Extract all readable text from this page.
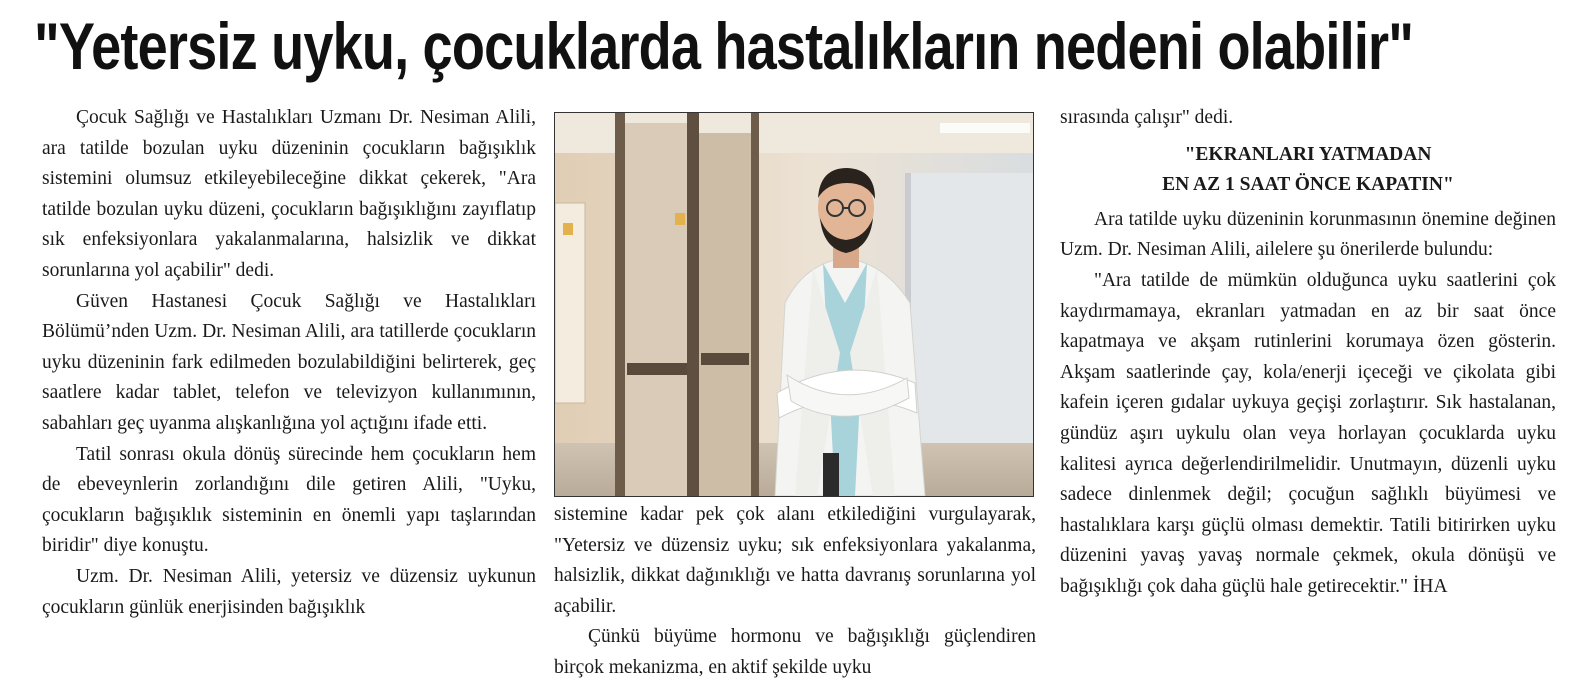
"Yetersiz uyku, çocuklarda hastalıkların nedeni olabilir"

Çocuk Sağlığı ve Hastalıkları Uzmanı Dr. Nesiman Alili, ara tatilde bozulan uyku düzeninin çocukların bağışıklık sistemini olumsuz etkileyebileceğine dikkat çekerek, "Ara tatilde bozulan uyku düzeni, çocukların bağışıklığını zayıflatıp sık enfeksiyonlara yakalanmalarına, halsizlik ve dikkat sorunlarına yol açabilir" dedi.

Güven Hastanesi Çocuk Sağlığı ve Hastalıkları Bölümü’nden Uzm. Dr. Nesiman Alili, ara tatillerde çocukların uyku düzeninin fark edilmeden bozulabildiğini belirterek, geç saatlere kadar tablet, telefon ve televizyon kullanımının, sabahları geç uyanma alışkanlığına yol açtığını ifade etti.

Tatil sonrası okula dönüş sürecinde hem çocukların hem de ebeveynlerin zorlandığını dile getiren Alili, "Uyku, çocukların bağışıklık sisteminin en önemli yapı taşlarından biridir" diye konuştu.

Uzm. Dr. Nesiman Alili, yetersiz ve düzensiz uykunun çocukların günlük enerjisinden bağışıklık

sistemine kadar pek çok alanı etkilediğini vurgulayarak, "Yetersiz ve düzensiz uyku; sık enfeksiyonlara yakalanma, halsizlik, dikkat dağınıklığı ve hatta davranış sorunlarına yol açabilir.

Çünkü büyüme hormonu ve bağışıklığı güçlendiren birçok mekanizma, en aktif şekilde uyku

sırasında çalışır" dedi.

"EKRANLARI YATMADAN
EN AZ 1 SAAT ÖNCE KAPATIN"

Ara tatilde uyku düzeninin korunmasının önemine değinen Uzm. Dr. Nesiman Alili, ailelere şu önerilerde bulundu:

"Ara tatilde de mümkün olduğunca uyku saatlerini çok kaydırmamaya, ekranları yatmadan en az bir saat önce kapatmaya ve akşam rutinlerini korumaya özen gösterin. Akşam saatlerinde çay, kola/enerji içeceği ve çikolata gibi kafein içeren gıdalar uykuya geçişi zorlaştırır. Sık hastalanan, gündüz aşırı uykulu olan veya horlayan çocuklarda uyku kalitesi ayrıca değerlendirilmelidir. Unutmayın, düzenli uyku sadece dinlenmek değil; çocuğun sağlıklı büyümesi ve hastalıklara karşı güçlü olması demektir. Tatili bitirirken uyku düzenini yavaş yavaş normale çekmek, okula dönüşü ve bağışıklığı çok daha güçlü hale getirecektir." İHA
